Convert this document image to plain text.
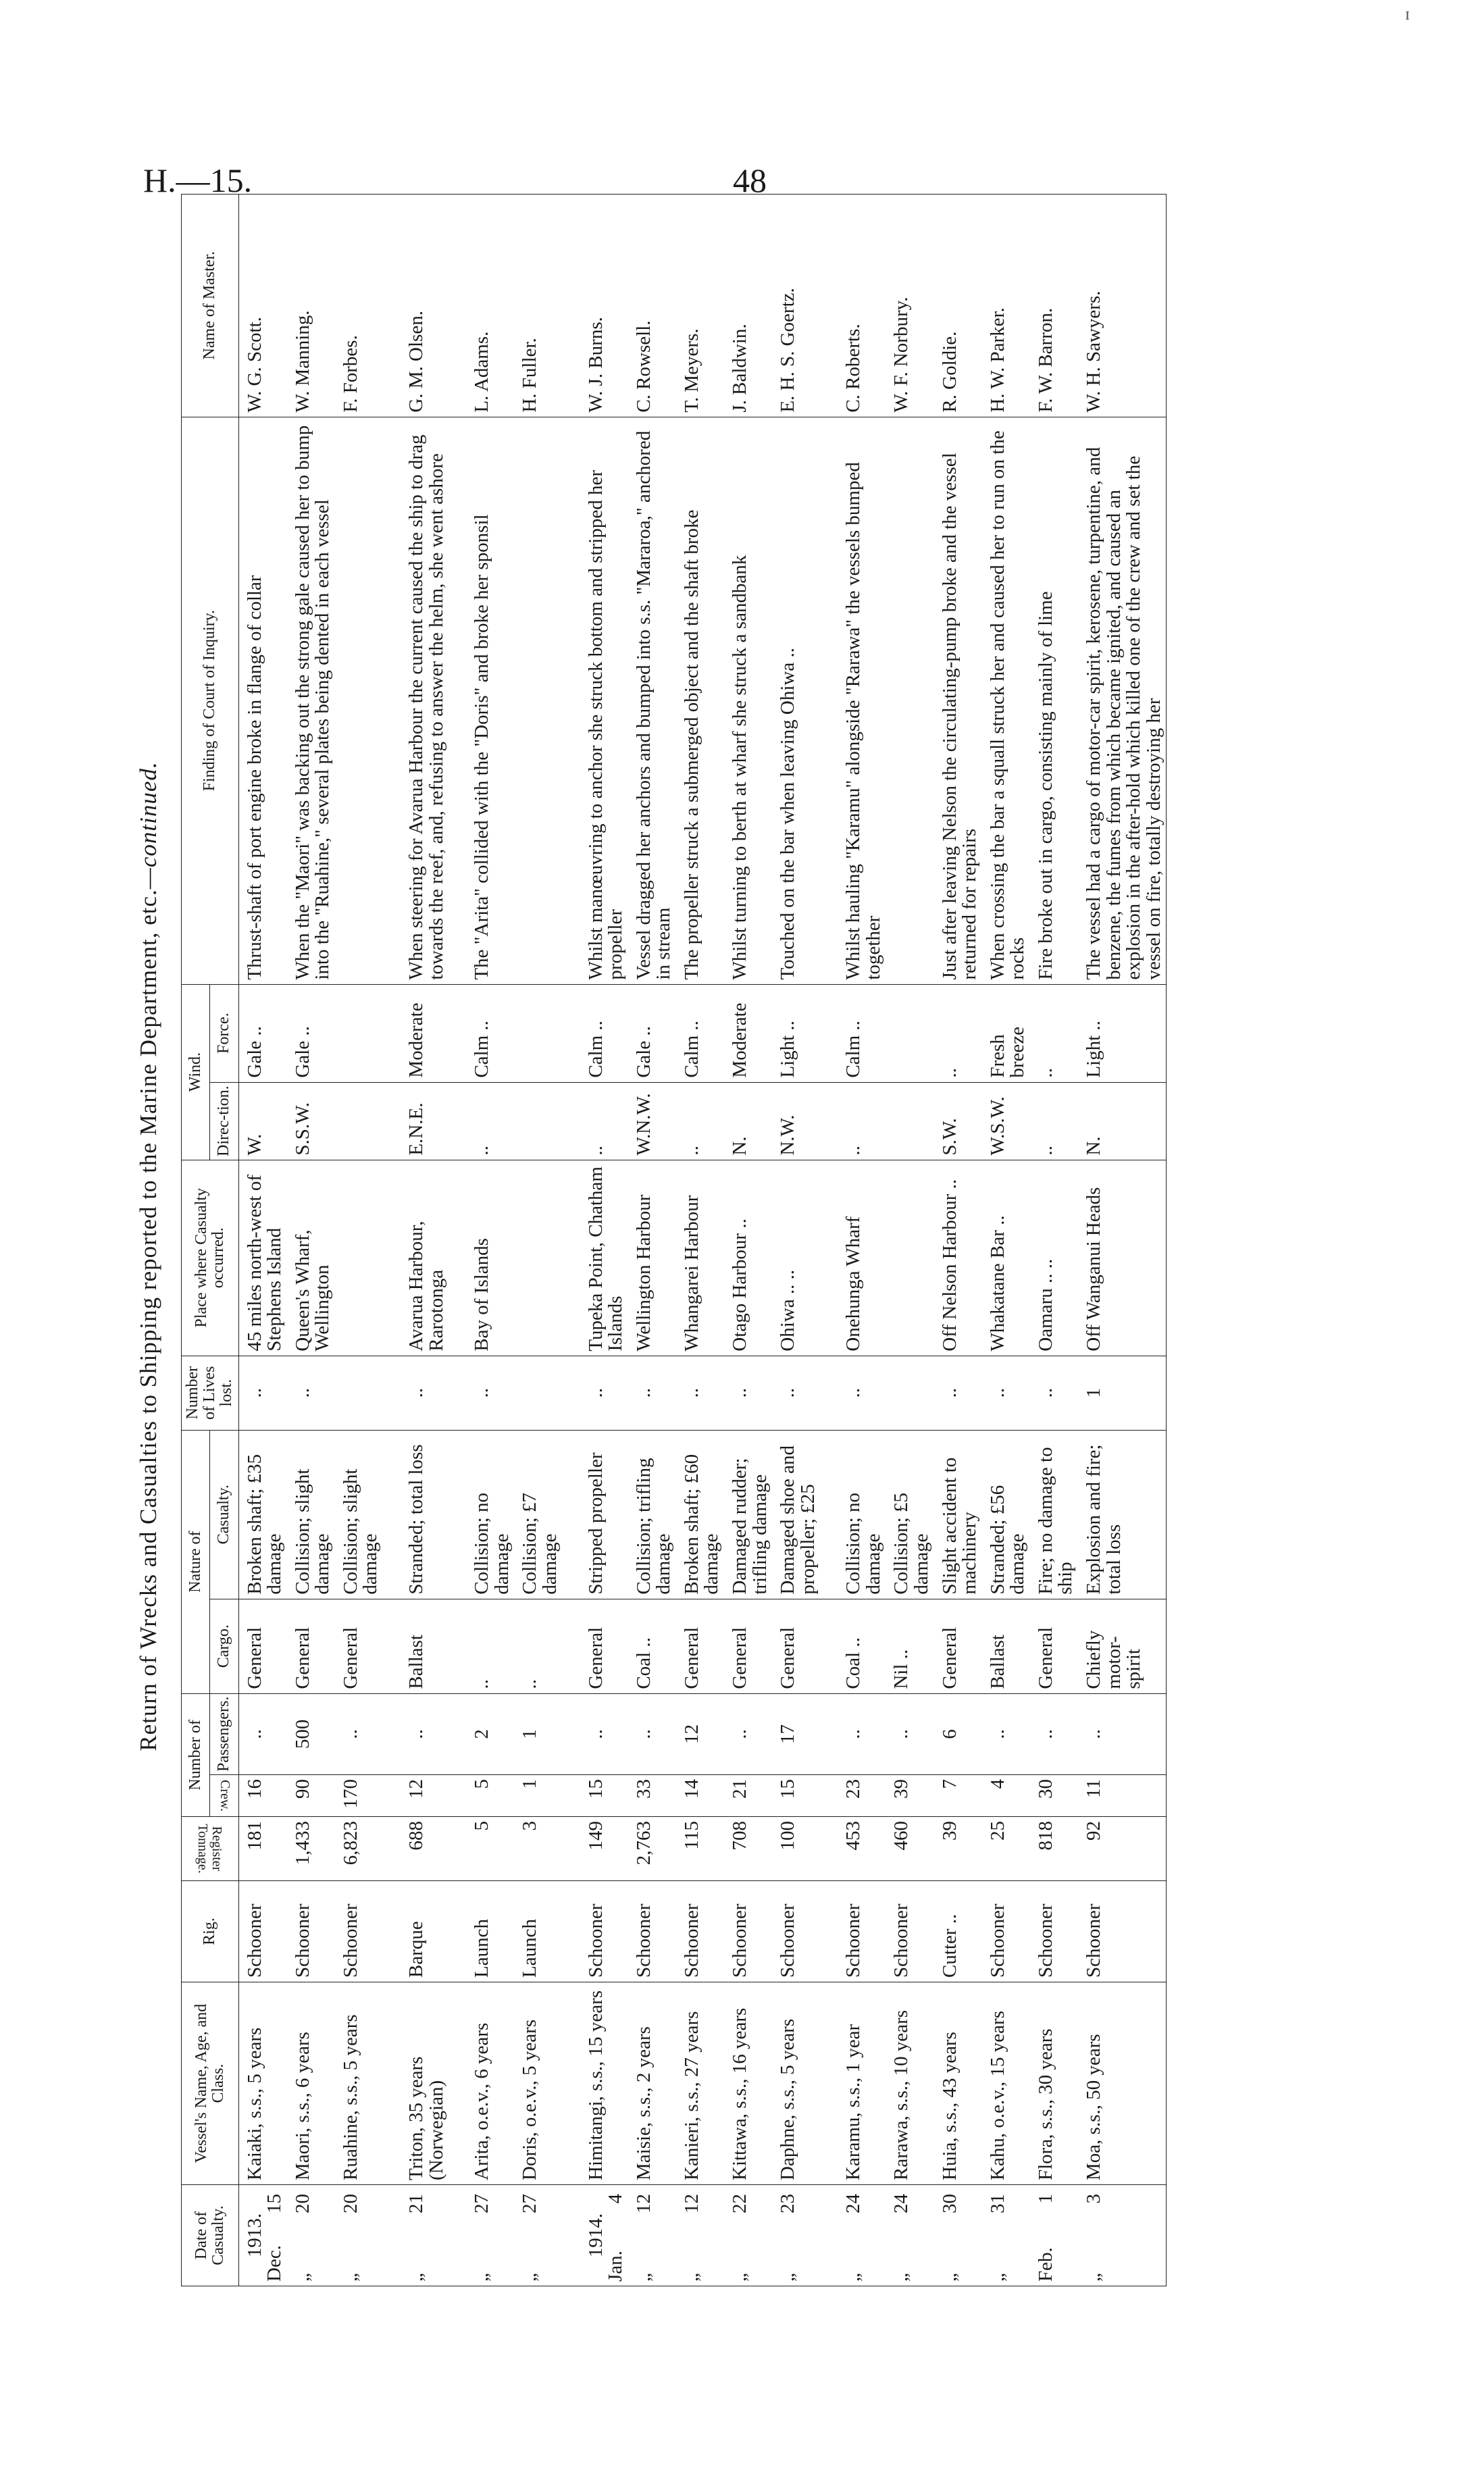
H.—15.	48
ɪ
Return of Wrecks and Casualties to Shipping reported to the Marine Department, etc.—continued.
Date of Casualty.	Vessel's Name, Age, and Class.	Rig.	Register Tonnage.	Number of		Nature of		Number of Lives lost.	Place where Casualty occurred.	Wind.		Finding of Court of Inquiry.	Name of Master.
				Crew.	Passengers.	Cargo.	Casualty.			Direc-tion.	Force.		

1913.
Dec.15	Kaiaki, s.s., 5 years	Schooner	181	16	..	General	Broken shaft; £35 damage	..	45 miles north-west of Stephens Island	W.	Gale ..	Thrust-shaft of port engine broke in flange of collar	W. G. Scott.
„20	Maori, s.s., 6 years	Schooner	1,433	90	500	General	Collision; slight damage	..	Queen's Wharf, Wellington	S.S.W.	Gale ..	When the "Maori" was backing out the strong gale caused her to bump into the "Ruahine," several plates being dented in each vessel	W. Manning.
„20	Ruahine, s.s., 5 years	Schooner	6,823	170	..	General	Collision; slight damage						F. Forbes.

„21	Triton, 35 years (Norwegian)	Barque	688	12	..	Ballast	Stranded; total loss	..	Avarua Harbour, Rarotonga	E.N.E.	Moderate	When steering for Avarua Harbour the current caused the ship to drag towards the reef, and, refusing to answer the helm, she went ashore	G. M. Olsen.

„27	Arita, o.e.v., 6 years	Launch	5	5	2	..	Collision; no damage	..	Bay of Islands	..	Calm ..	The "Arita" collided with the "Doris" and broke her sponsil	L. Adams.
„27	Doris, o.e.v., 5 years	Launch	3	1	1	..	Collision; £7 damage						H. Fuller.

1914.
Jan.4	Himitangi, s.s., 15 years	Schooner	149	15	..	General	Stripped propeller	..	Tupeka Point, Chatham Islands	..	Calm ..	Whilst manœuvring to anchor she struck bottom and stripped her propeller	W. J. Burns.
„12	Maisie, s.s., 2 years	Schooner	2,763	33	..	Coal ..	Collision; trifling damage	..	Wellington Harbour	W.N.W.	Gale ..	Vessel dragged her anchors and bumped into s.s. "Mararoa," anchored in stream	C. Rowsell.
„12	Kanieri, s.s., 27 years	Schooner	115	14	12	General	Broken shaft; £60 damage	..	Whangarei Harbour	..	Calm ..	The propeller struck a submerged object and the shaft broke	T. Meyers.
„22	Kittawa, s.s., 16 years	Schooner	708	21	..	General	Damaged rudder; trifling damage	..	Otago Harbour ..	N.	Moderate	Whilst turning to berth at wharf she struck a sandbank	J. Baldwin.
„23	Daphne, s.s., 5 years	Schooner	100	15	17	General	Damaged shoe and propeller; £25	..	Ohiwa .. ..	N.W.	Light ..	Touched on the bar when leaving Ohiwa ..	E. H. S. Goertz.

„24	Karamu, s.s., 1 year	Schooner	453	23	..	Coal ..	Collision; no damage	..	Onehunga Wharf	..	Calm ..	Whilst hauling "Karamu" alongside "Rarawa" the vessels bumped together	C. Roberts.
„24	Rarawa, s.s., 10 years	Schooner	460	39	..	Nil ..	Collision; £5 damage						W. F. Norbury.
„30	Huia, s.s., 43 years	Cutter ..	39	7	6	General	Slight accident to machinery	..	Off Nelson Harbour ..	S.W.	..	Just after leaving Nelson the circulating-pump broke and the vessel returned for repairs	R. Goldie.
„31	Kahu, o.e.v., 15 years	Schooner	25	4	..	Ballast	Stranded; £56 damage	..	Whakatane Bar ..	W.S.W.	Fresh breeze	When crossing the bar a squall struck her and caused her to run on the rocks	H. W. Parker.
Feb.1	Flora, s.s., 30 years	Schooner	818	30	..	General	Fire; no damage to ship	..	Oamaru .. ..	..	..	Fire broke out in cargo, consisting mainly of lime	F. W. Barron.
„3	Moa, s.s., 50 years	Schooner	92	11	..	Chiefly motor-spirit	Explosion and fire; total loss	1	Off Wanganui Heads	N.	Light ..	The vessel had a cargo of motor-car spirit, kerosene, turpentine, and benzene, the fumes from which became ignited, and caused an explosion in the after-hold which killed one of the crew and set the vessel on fire, totally destroying her	W. H. Sawyers.
